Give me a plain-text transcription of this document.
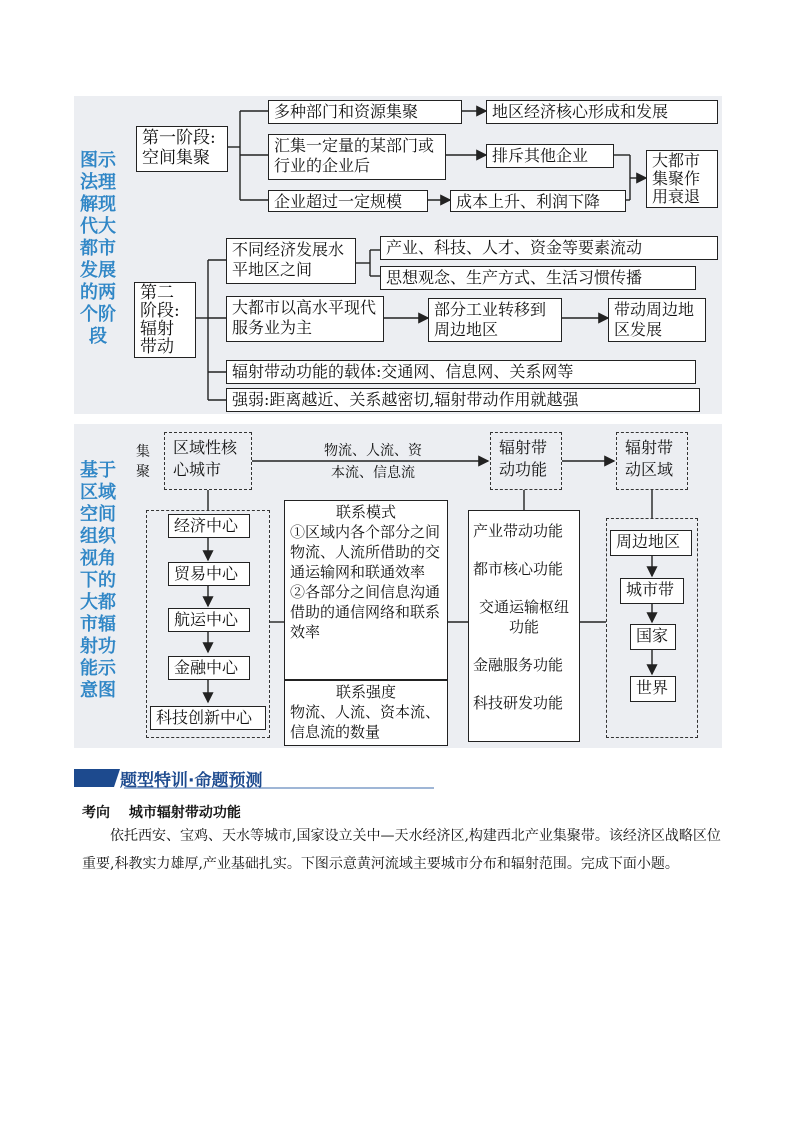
图示法理解现代大都市发展的两个阶段
基于区域空间组织视角下的大都市辐射功能示意图
第一阶段:空间集聚
多种部门和资源集聚
汇集一定量的某部门或行业的企业后
企业超过一定规模
地区经济核心形成和发展
排斥其他企业
成本上升、利润下降
大都市集聚作用衰退
第二阶段:辐射带动
不同经济发展水平地区之间
产业、科技、人才、资金等要素流动
思想观念、生产方式、生活习惯传播
大都市以高水平现代服务业为主
部分工业转移到周边地区
带动周边地区发展
辐射带动功能的载体:交通网、信息网、关系网等
强弱:距离越近、关系越密切,辐射带动作用就越强
集聚
区域性核心城市
物流、人流、资本流、信息流
辐射带动功能
辐射带动区域
经济中心
贸易中心
航运中心
金融中心
科技创新中心
联系模式
①区域内各个部分之间物流、人流所借助的交通运输网和联通效率 ②各部分之间信息沟通借助的通信网络和联系效率
联系强度
物流、人流、资本流、信息流的数量
产业带动功能
都市核心功能
交通运输枢纽功能
金融服务功能
科技研发功能
周边地区
城市带
国家
世界
题型特训·命题预测
考向 城市辐射带动功能
依托西安、宝鸡、天水等城市,国家设立关中—天水经济区,构建西北产业集聚带。该经济区战略区位重要,科教实力雄厚,产业基础扎实。下图示意黄河流域主要城市分布和辐射范围。完成下面小题。
